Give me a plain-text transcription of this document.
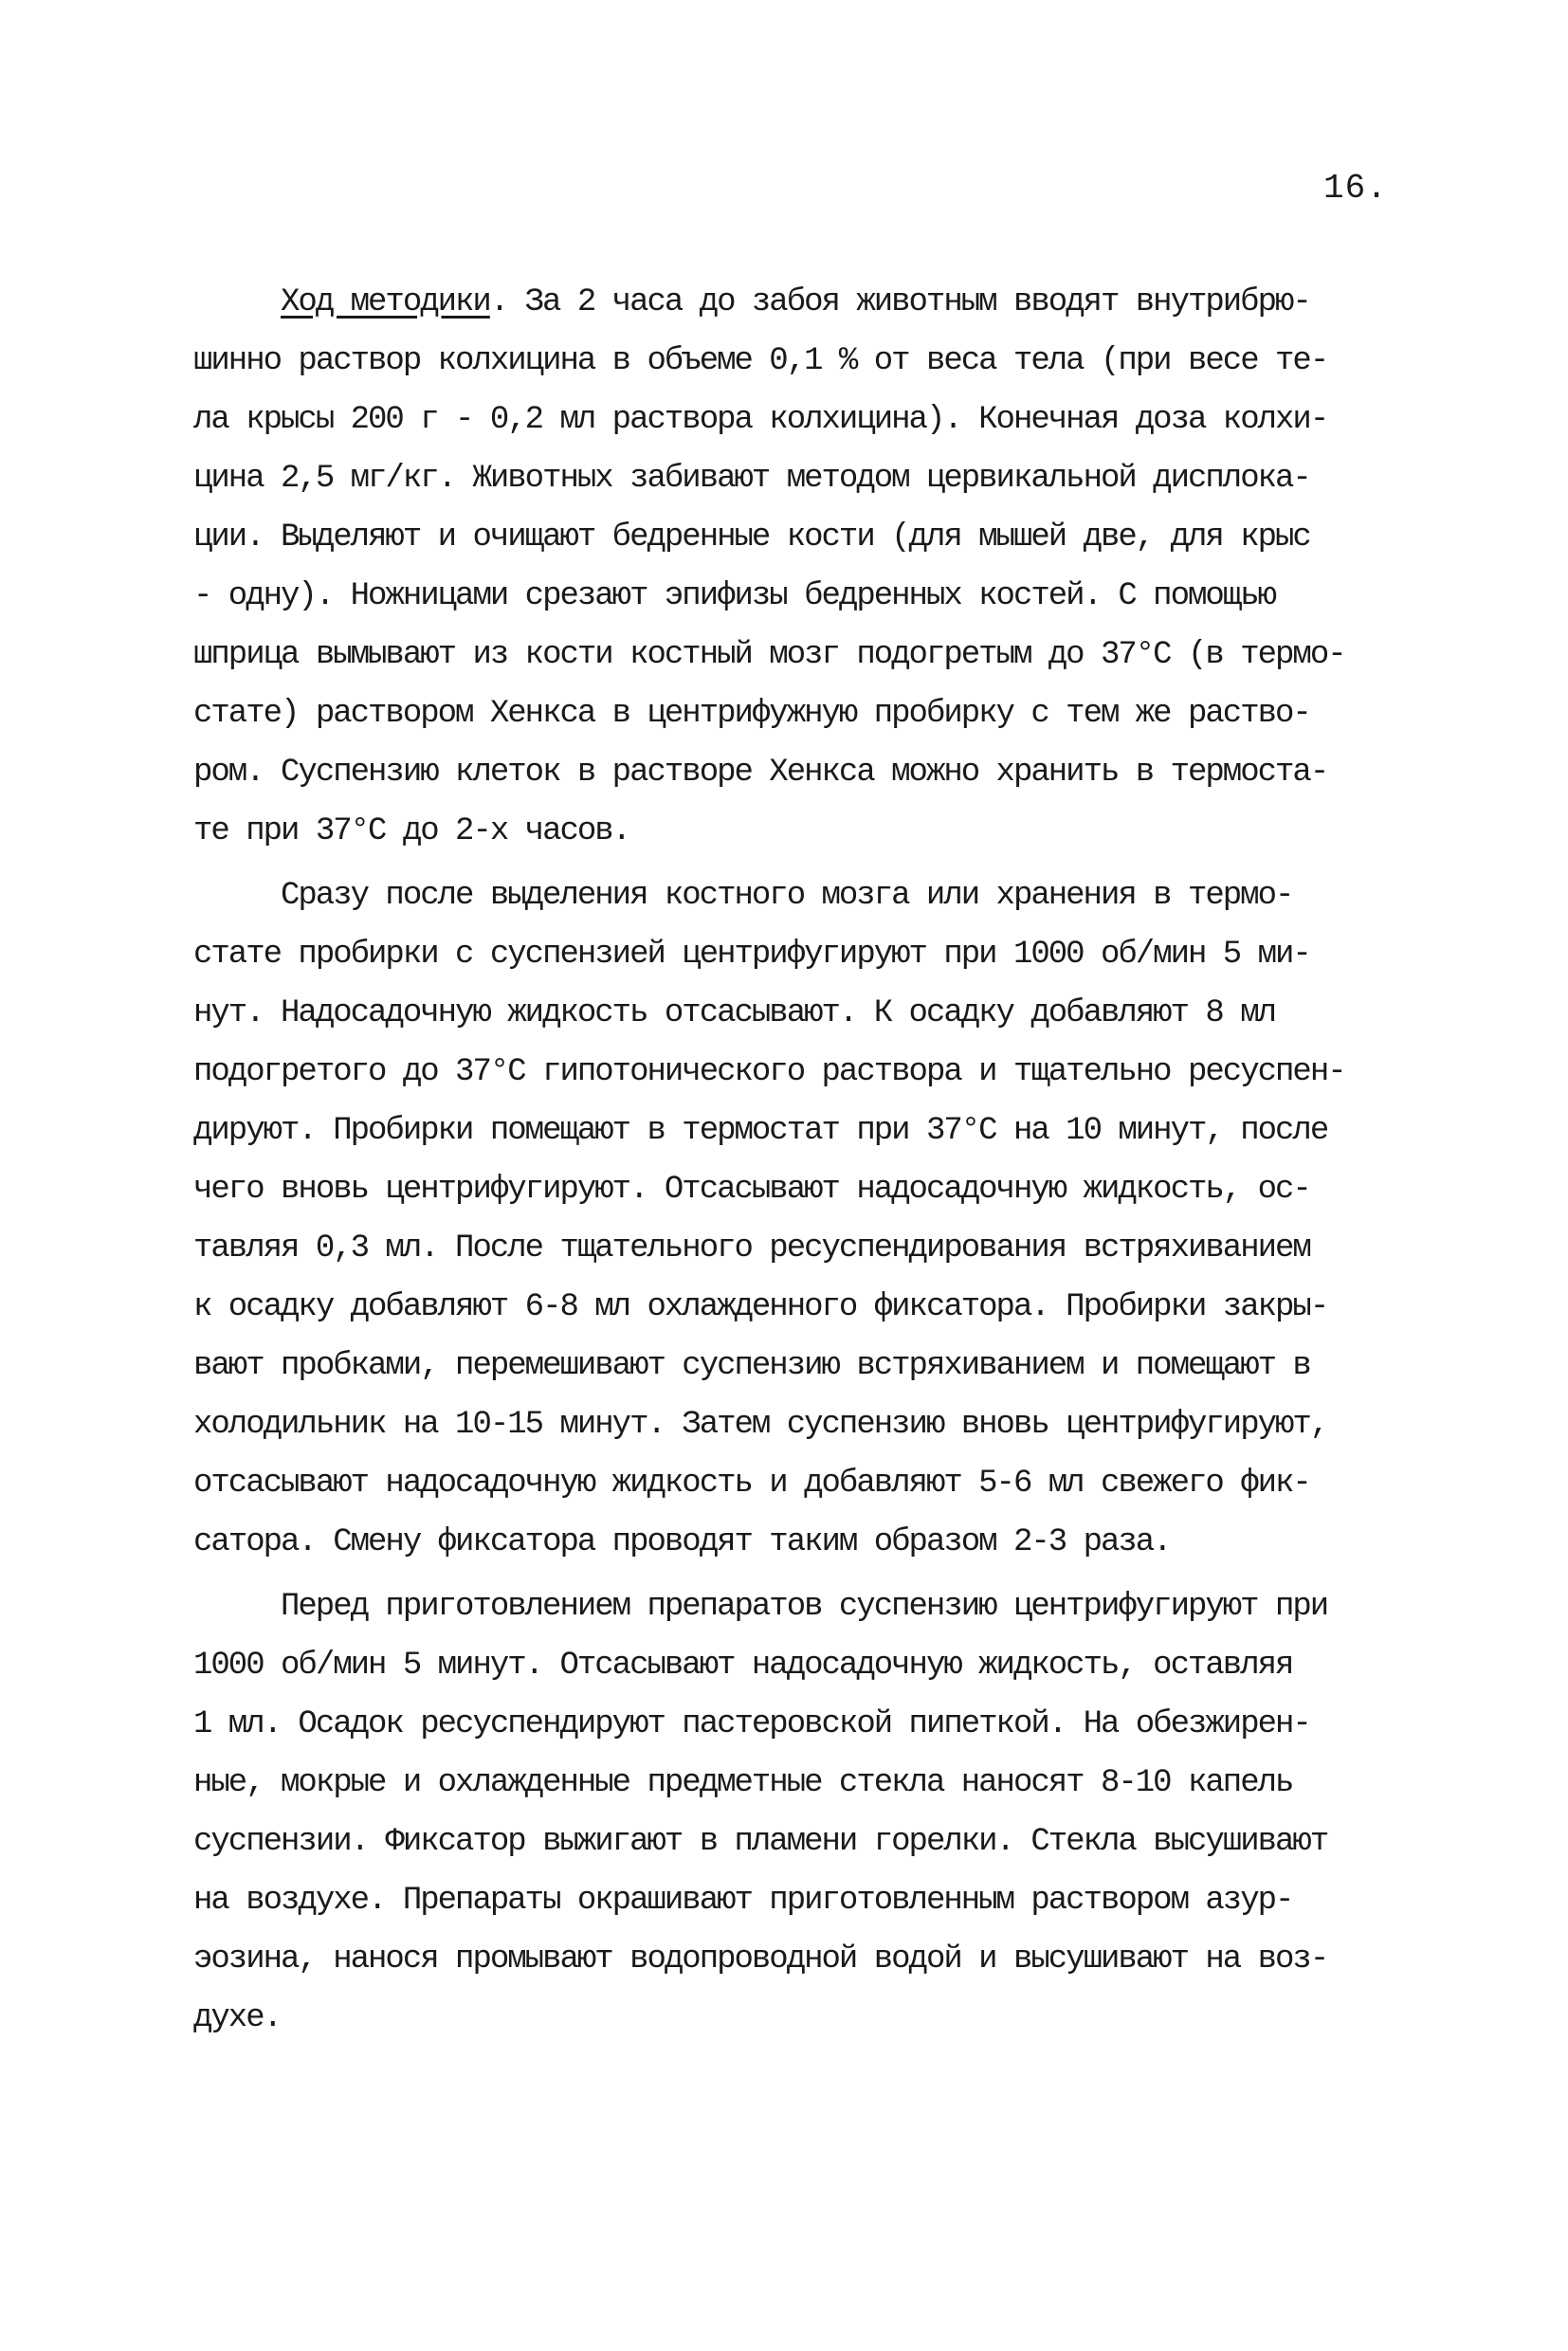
16.
Ход методики. За 2 часа до забоя животным вводят внутрибрю-
шинно раствор колхицина в объеме 0,1 % от веса тела (при весе те-
ла крысы 200 г - 0,2 мл раствора колхицина). Конечная доза колхи-
цина 2,5 мг/кг. Животных забивают методом цервикальной дисплока-
ции. Выделяют и очищают бедренные кости (для мышей две, для крыс
- одну). Ножницами срезают эпифизы бедренных костей. С помощью
шприца вымывают из кости костный мозг подогретым до 37°С (в термо-
стате) раствором Хенкса в центрифужную пробирку с тем же раство-
ром. Суспензию клеток в растворе Хенкса можно хранить в термоста-
те при 37°С до 2-х часов.
Сразу после выделения костного мозга или хранения в термо-
стате пробирки с суспензией центрифугируют при 1000 об/мин 5 ми-
нут. Надосадочную жидкость отсасывают. К осадку добавляют 8 мл
подогретого до 37°С гипотонического раствора и тщательно ресуспен-
дируют. Пробирки помещают в термостат при 37°С на 10 минут, после
чего вновь центрифугируют. Отсасывают надосадочную жидкость, ос-
тавляя 0,3 мл. После тщательного ресуспендирования встряхиванием
к осадку добавляют 6-8 мл охлажденного фиксатора. Пробирки закры-
вают пробками, перемешивают суспензию встряхиванием и помещают в
холодильник на 10-15 минут. Затем суспензию вновь центрифугируют,
отсасывают надосадочную жидкость и добавляют 5-6 мл свежего фик-
сатора. Смену фиксатора проводят таким образом 2-3 раза.
Перед приготовлением препаратов суспензию центрифугируют при
1000 об/мин 5 минут. Отсасывают надосадочную жидкость, оставляя
1 мл. Осадок ресуспендируют пастеровской пипеткой. На обезжирен-
ные, мокрые и охлажденные предметные стекла наносят 8-10 капель
суспензии. Фиксатор выжигают в пламени горелки. Стекла высушивают
на воздухе. Препараты окрашивают приготовленным раствором азур-
эозина, нанося промывают водопроводной водой и высушивают на воз-
духе.
